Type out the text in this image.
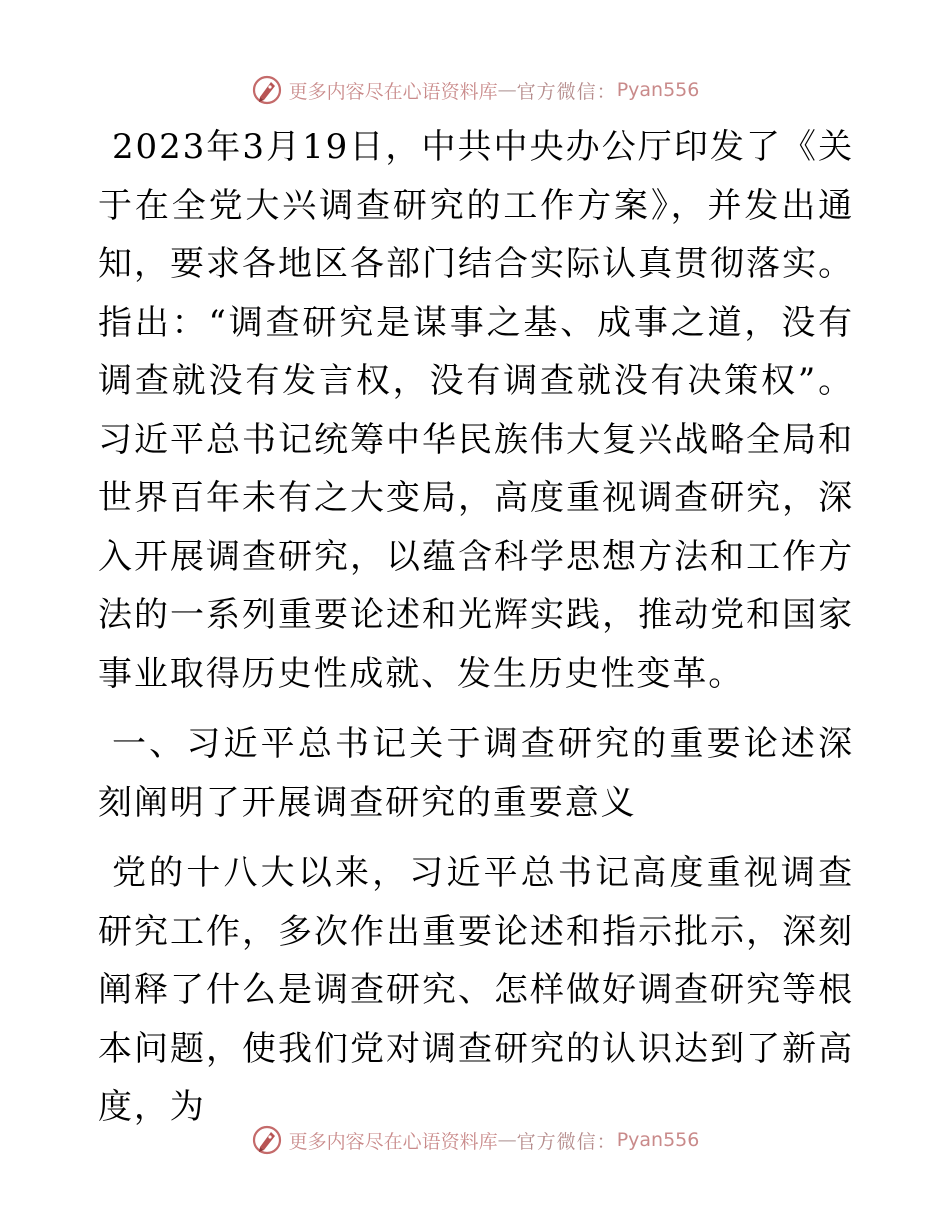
更多内容尽在心语资料库 — 官方微信： Pyan556

2023年3月19日，中共中央办公厅印发了《关于在全党大兴调查研究的工作方案》，并发出通知，要求各地区各部门结合实际认真贯彻落实。指出：“调查研究是谋事之基、成事之道，没有调查就没有发言权，没有调查就没有决策权”。习近平总书记统筹中华民族伟大复兴战略全局和世界百年未有之大变局，高度重视调查研究，深入开展调查研究，以蕴含科学思想方法和工作方法的一系列重要论述和光辉实践，推动党和国家事业取得历史性成就、发生历史性变革。

一、习近平总书记关于调查研究的重要论述深刻阐明了开展调查研究的重要意义

党的十八大以来，习近平总书记高度重视调查研究工作，多次作出重要论述和指示批示，深刻阐释了什么是调查研究、怎样做好调查研究等根本问题，使我们党对调查研究的认识达到了新高度，为

更多内容尽在心语资料库 — 官方微信： Pyan556
